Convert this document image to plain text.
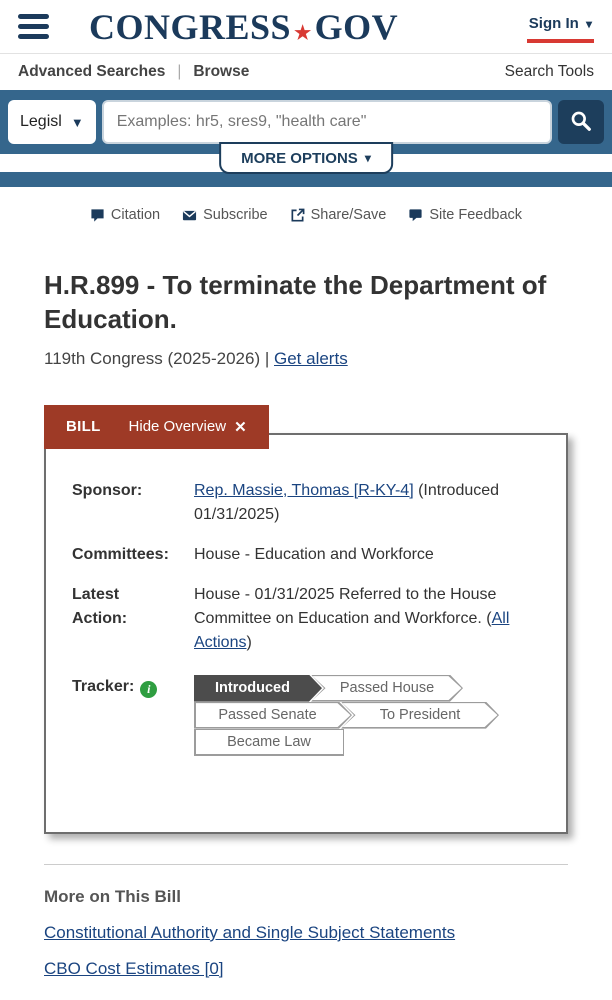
CONGRESS ★ GOV	Sign In ▾
Advanced Searches | Browse	Search Tools
Legisl ▼
Examples: hr5, sres9, "health care"
MORE OPTIONS ▾
Citation	Subscribe	Share/Save	Site Feedback
H.R.899 - To terminate the Department of Education.
119th Congress (2025-2026) | Get alerts
BILL Hide Overview ✕
Sponsor:	Rep. Massie, Thomas [R-KY-4] (Introduced 01/31/2025)
Committees: House - Education and Workforce
Latest Action:
House - 01/31/2025 Referred to the House Committee on Education and Workforce. (All Actions)
Tracker: i	Introduced	Passed House
Passed Senate	To President
Became Law
More on This Bill
Constitutional Authority and Single Subject Statements
CBO Cost Estimates [0]
